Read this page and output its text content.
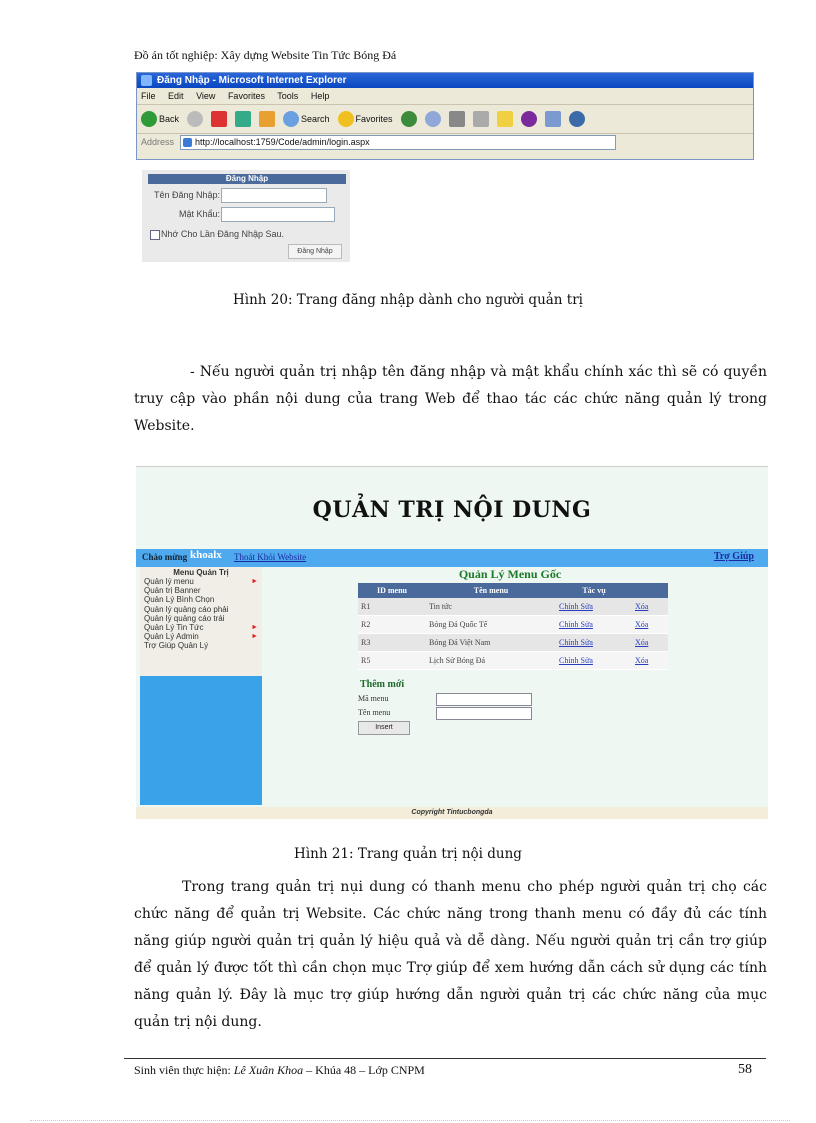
Đồ án tốt nghiệp: Xây dựng Website Tin Tức Bóng Đá
Đăng Nhập - Microsoft Internet Explorer
File Edit View Favorites Tools Help
Back	Search	Favorites
Address	http://localhost:1759/Code/admin/login.aspx
Đăng Nhập
Tên Đăng Nhập:
Mật Khẩu:
Nhớ Cho Lần Đăng Nhập Sau.
Đăng Nhập
Hình 20: Trang đăng nhập dành cho người quản trị

- Nếu người quản trị nhập tên đăng nhập và mật khẩu chính xác thì sẽ có quyền truy cập vào phần nội dung của trang Web để thao tác các chức năng quản lý trong Website.

QUẢN TRỊ NỘI DUNG
Chào mừng khoalx Thoát Khỏi Website	Trợ Giúp
Menu Quản Trị
Quản lý menu	►
Quản trị Banner
Quản Lý Bình Chọn
Quản lý quảng cáo phải
Quản lý quảng cáo trái
Quản Lý Tin Tức	►
Quản Lý Admin	►
Trợ Giúp Quản Lý
Quản Lý Menu Gốc
ID menu	Tên menu	Tác vụ	
R1	Tin tức	Chỉnh Sửa	Xóa
R2	Bóng Đá Quốc Tế	Chỉnh Sửa	Xóa
R3	Bóng Đá Việt Nam	Chỉnh Sửa	Xóa
R5	Lịch Sử Bóng Đá	Chỉnh Sửa	Xóa
Thêm mới
Mã menu
Tên menu
Insert
Copyright Tintucbongda
Hình 21: Trang quản trị nội dung

Trong trang quản trị nụi dung có thanh menu cho phép người quản trị chọ các chức năng để quản trị Website. Các chức năng trong thanh menu có đầy đủ các tính năng giúp người quản trị quản lý hiệu quả và dễ dàng. Nếu người quản trị cần trợ giúp để quản lý được tốt thì cần chọn mục Trợ giúp để xem hướng dẫn cách sử dụng các tính năng quản lý. Đây là mục trợ giúp hướng dẫn người quản trị các chức năng của mục quản trị nội dung.

Sinh viên thực hiện: Lê Xuân Khoa – Khúa 48 – Lớp CNPM	58
